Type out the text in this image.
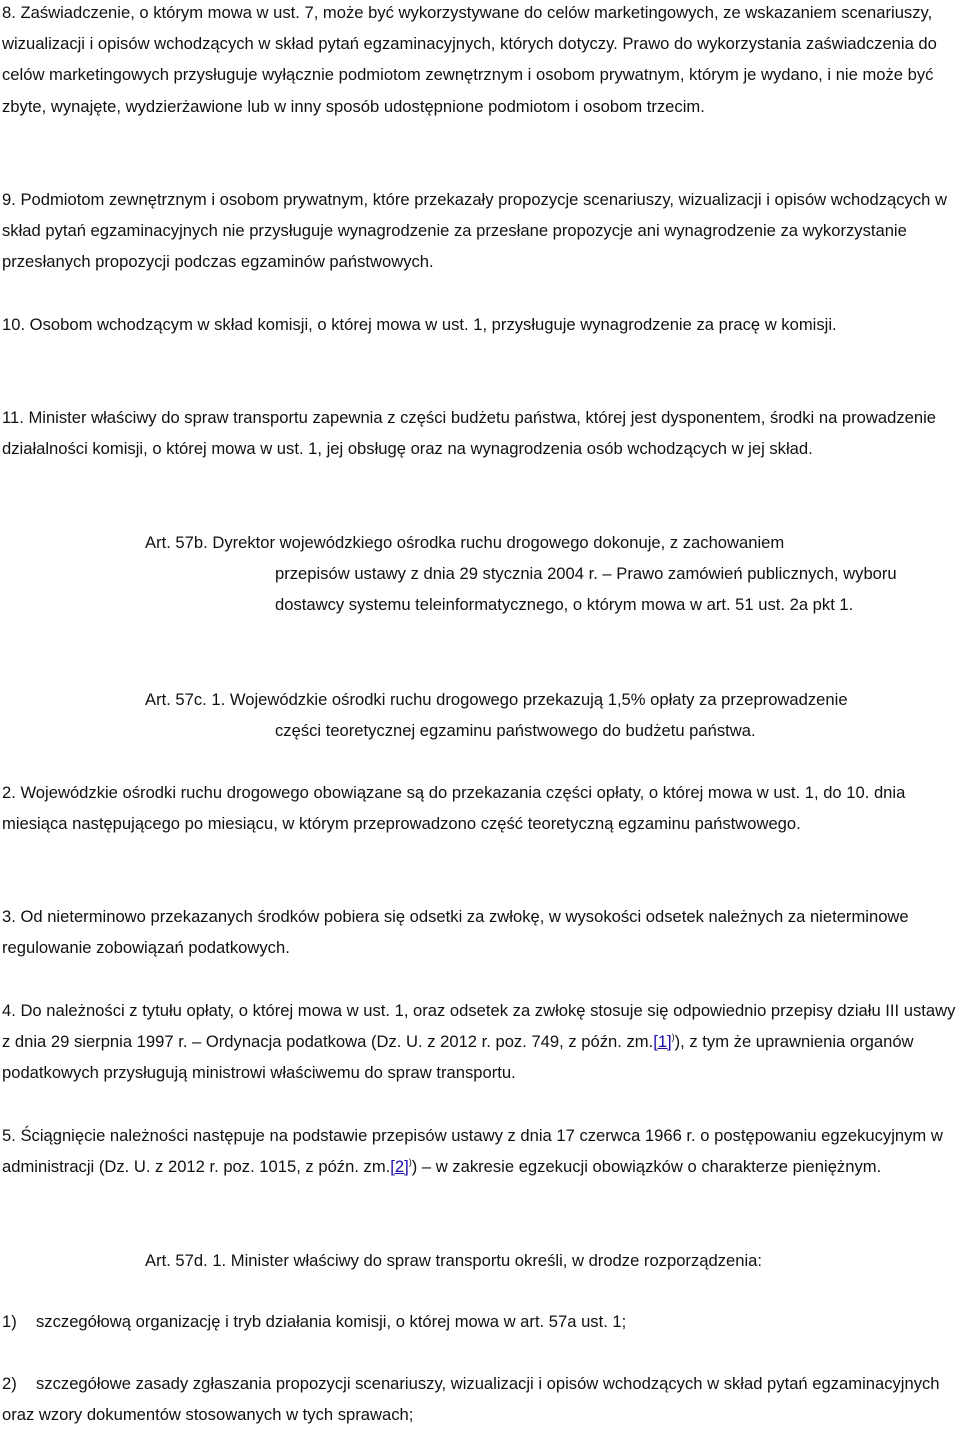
8. Zaświadczenie, o którym mowa w ust. 7, może być wykorzystywane do celów marketingowych, ze wskazaniem scenariuszy, wizualizacji i opisów wchodzących w skład pytań egzaminacyjnych, których dotyczy. Prawo do wykorzystania zaświadczenia do celów marketingowych przysługuje wyłącznie podmiotom zewnętrznym i osobom prywatnym, którym je wydano, i nie może być zbyte, wynajęte, wydzierżawione lub w inny sposób udostępnione podmiotom i osobom trzecim.

9. Podmiotom zewnętrznym i osobom prywatnym, które przekazały propozycje scenariuszy, wizualizacji i opisów wchodzących w skład pytań egzaminacyjnych nie przysługuje wynagrodzenie za przesłane propozycje ani wynagrodzenie za wykorzystanie przesłanych propozycji podczas egzaminów państwowych.

10. Osobom wchodzącym w skład komisji, o której mowa w ust. 1, przysługuje wynagrodzenie za pracę w komisji.

11. Minister właściwy do spraw transportu zapewnia z części budżetu państwa, której jest dysponentem, środki na prowadzenie działalności komisji, o której mowa w ust. 1, jej obsługę oraz na wynagrodzenia osób wchodzących w jej skład.

Art. 57b. Dyrektor wojewódzkiego ośrodka ruchu drogowego dokonuje, z zachowaniem
przepisów ustawy z dnia 29 stycznia 2004 r. – Prawo zamówień publicznych, wyboru dostawcy systemu teleinformatycznego, o którym mowa w art. 51 ust. 2a pkt 1.
Art. 57c. 1. Wojewódzkie ośrodki ruchu drogowego przekazują 1,5% opłaty za przeprowadzenie
części teoretycznej egzaminu państwowego do budżetu państwa.

2. Wojewódzkie ośrodki ruchu drogowego obowiązane są do przekazania części opłaty, o której mowa w ust. 1, do 10. dnia miesiąca następującego po miesiącu, w którym przeprowadzono część teoretyczną egzaminu państwowego.

3. Od nieterminowo przekazanych środków pobiera się odsetki za zwłokę, w wysokości odsetek należnych za nieterminowe regulowanie zobowiązań podatkowych.

4. Do należności z tytułu opłaty, o której mowa w ust. 1, oraz odsetek za zwłokę stosuje się odpowiednio przepisy działu III ustawy z dnia 29 sierpnia 1997 r. – Ordynacja podatkowa (Dz. U. z 2012 r. poz. 749, z późn. zm.[1])), z tym że uprawnienia organów podatkowych przysługują ministrowi właściwemu do spraw transportu.

5. Ściągnięcie należności następuje na podstawie przepisów ustawy z dnia 17 czerwca 1966 r. o postępowaniu egzekucyjnym w administracji (Dz. U. z 2012 r. poz. 1015, z późn. zm.[2])) – w zakresie egzekucji obowiązków o charakterze pieniężnym.

Art. 57d. 1. Minister właściwy do spraw transportu określi, w drodze rozporządzenia:

1) szczegółową organizację i tryb działania komisji, o której mowa w art. 57a ust. 1;

2) szczegółowe zasady zgłaszania propozycji scenariuszy, wizualizacji i opisów wchodzących w skład pytań egzaminacyjnych oraz wzory dokumentów stosowanych w tych sprawach;
